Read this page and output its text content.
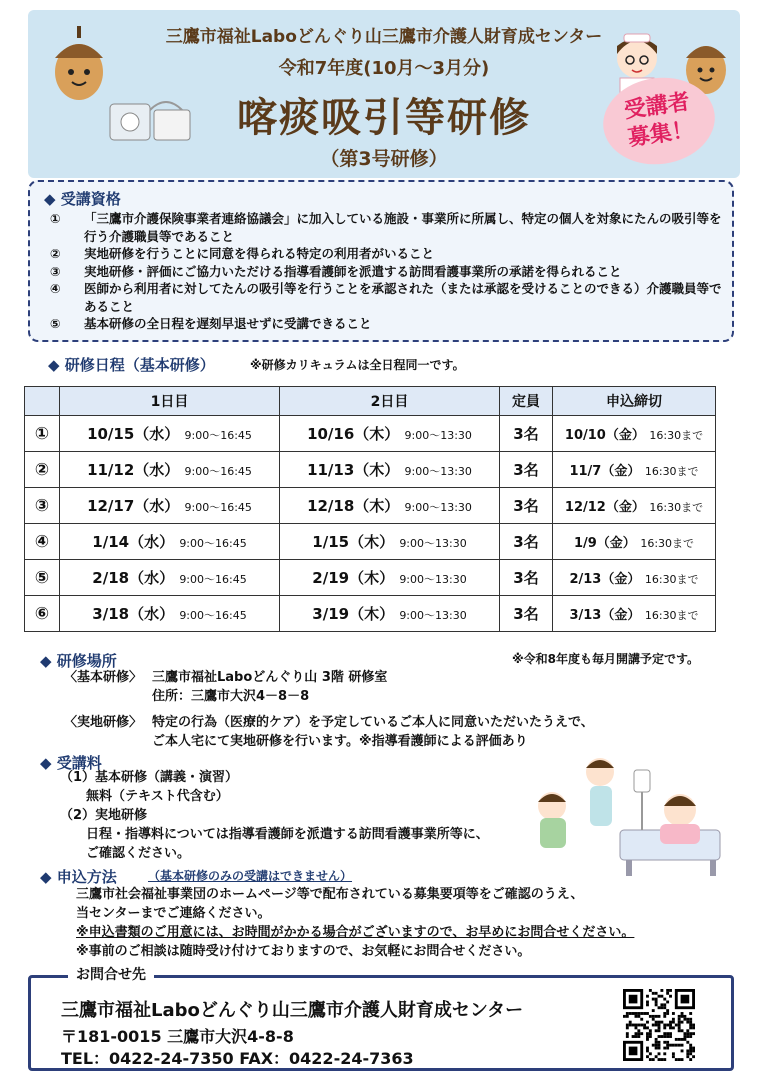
三鷹市福祉Laboどんぐり山三鷹市介護人財育成センター
令和7年度(10月～3月分)
喀痰吸引等研修
（第3号研修）
受講者
募集！
◆ 受講資格
①	「三鷹市介護保険事業者連絡協議会」に加入している施設・事業所に所属し、特定の個人を対象にたんの吸引等を行う介護職員等であること
②	実地研修を行うことに同意を得られる特定の利用者がいること
③	実地研修・評価にご協力いただける指導看護師を派遣する訪問看護事業所の承諾を得られること
④	医師から利用者に対してたんの吸引等を行うことを承認された（または承認を受けることのできる）介護職員等であること
⑤	基本研修の全日程を遅刻早退せずに受講できること
◆ 研修日程（基本研修）	※研修カリキュラムは全日程同一です。
	1日目	2日目	定員	申込締切
①	10/15（水） 9:00～16:45	10/16（木） 9:00～13:30	3名	10/10（金） 16:30まで
②	11/12（水） 9:00～16:45	11/13（木） 9:00～13:30	3名	11/7（金） 16:30まで
③	12/17（水） 9:00～16:45	12/18（木） 9:00～13:30	3名	12/12（金） 16:30まで
④	1/14（水） 9:00～16:45	1/15（木） 9:00～13:30	3名	1/9（金） 16:30まで
⑤	2/18（水） 9:00～16:45	2/19（木） 9:00～13:30	3名	2/13（金） 16:30まで
⑥	3/18（水） 9:00～16:45	3/19（木） 9:00～13:30	3名	3/13（金） 16:30まで
◆ 研修場所	※令和8年度も毎月開講予定です。
〈基本研修〉 三鷹市福祉Laboどんぐり山 3階 研修室
住所：三鷹市大沢4－8－8
〈実地研修〉 特定の行為（医療的ケア）を予定しているご本人に同意いただいたうえで、
ご本人宅にて実地研修を行います。※指導看護師による評価あり
◆ 受講料
（1）基本研修（講義・演習）
無料（テキスト代含む）
（2）実地研修
日程・指導料については指導看護師を派遣する訪問看護事業所等に、
ご確認ください。
◆ 申込方法	（基本研修のみの受講はできません）
三鷹市社会福祉事業団のホームページ等で配布されている募集要項等をご確認のうえ、
当センターまでご連絡ください。
※申込書類のご用意には、お時間がかかる場合がございますので、お早めにお問合せください。
※事前のご相談は随時受け付けておりますので、お気軽にお問合せください。
三鷹市福祉Laboどんぐり山三鷹市介護人財育成センター
〒181-0015 三鷹市大沢4-8-8
TEL：0422-24-7350 FAX：0422-24-7363
お問合せ先
